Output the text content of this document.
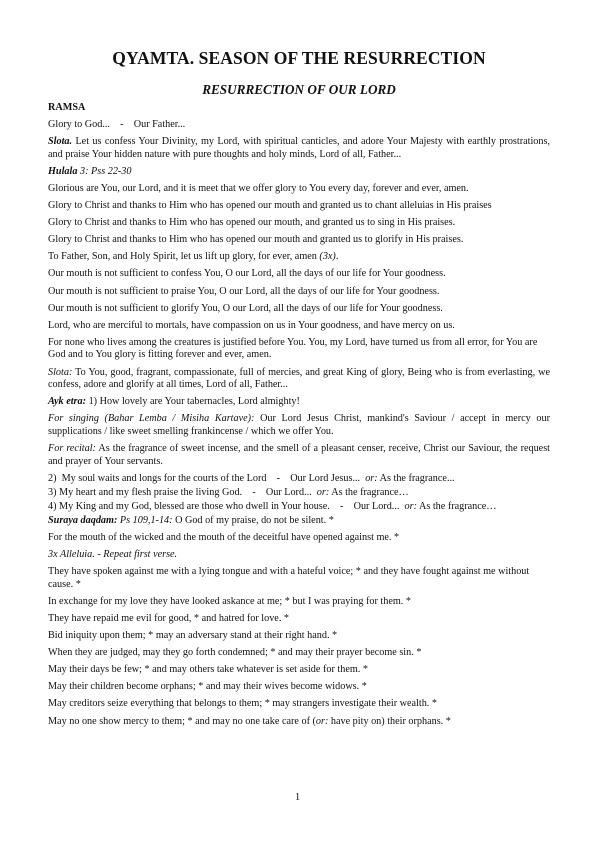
QYAMTA. SEASON OF THE RESURRECTION
RESURRECTION OF OUR LORD

RAMSA

Glory to God...    -    Our Father...

Slota. Let us confess Your Divinity, my Lord, with spiritual canticles, and adore Your Majesty with earthly prostrations, and praise Your hidden nature with pure thoughts and holy minds, Lord of all, Father...

Hulala 3: Pss 22-30

Glorious are You, our Lord, and it is meet that we offer glory to You every day, forever and ever, amen.

Glory to Christ and thanks to Him who has opened our mouth and granted us to chant alleluias in His praises

Glory to Christ and thanks to Him who has opened our mouth, and granted us to sing in His praises.

Glory to Christ and thanks to Him who has opened our mouth and granted us to glorify in His praises.

To Father, Son, and Holy Spirit, let us lift up glory, for ever, amen (3x).

Our mouth is not sufficient to confess You, O our Lord, all the days of our life for Your goodness.

Our mouth is not sufficient to praise You, O our Lord, all the days of our life for Your goodness.

Our mouth is not sufficient to glorify You, O our Lord, all the days of our life for Your goodness.

Lord, who are merciful to mortals, have compassion on us in Your goodness, and have mercy on us.

For none who lives among the creatures is justified before You. You, my Lord, have turned us from all error, for You are God and to You glory is fitting forever and ever, amen.

Slota: To You, good, fragrant, compassionate, full of mercies, and great King of glory, Being who is from everlasting, we confess, adore and glorify at all times, Lord of all, Father...

Ayk etra: 1) How lovely are Your tabernacles, Lord almighty!

For singing (Bahar Lemba / Misiha Kartave): Our Lord Jesus Christ, mankind's Saviour / accept in mercy our supplications / like sweet smelling frankincense / which we offer You.

For recital: As the fragrance of sweet incense, and the smell of a pleasant censer, receive, Christ our Saviour, the request and prayer of Your servants.

2)  My soul waits and longs for the courts of the Lord    -    Our Lord Jesus...  or: As the fragrance...

3) My heart and my flesh praise the living God.    -    Our Lord...  or: As the fragrance…

4) My King and my God, blessed are those who dwell in Your house.    -    Our Lord...  or: As the fragrance…

Suraya daqdam: Ps 109,1-14: O God of my praise, do not be silent. *

For the mouth of the wicked and the mouth of the deceitful have opened against me. *

3x Alleluia. - Repeat first verse.

They have spoken against me with a lying tongue and with a hateful voice; * and they have fought against me without cause. *

In exchange for my love they have looked askance at me; * but I was praying for them. *

They have repaid me evil for good, * and hatred for love. *

Bid iniquity upon them; * may an adversary stand at their right hand. *

When they are judged, may they go forth condemned; * and may their prayer become sin. *

May their days be few; * and may others take whatever is set aside for them. *

May their children become orphans; * and may their wives become widows. *

May creditors seize everything that belongs to them; * may strangers investigate their wealth. *

May no one show mercy to them; * and may no one take care of (or: have pity on) their orphans. *

1
